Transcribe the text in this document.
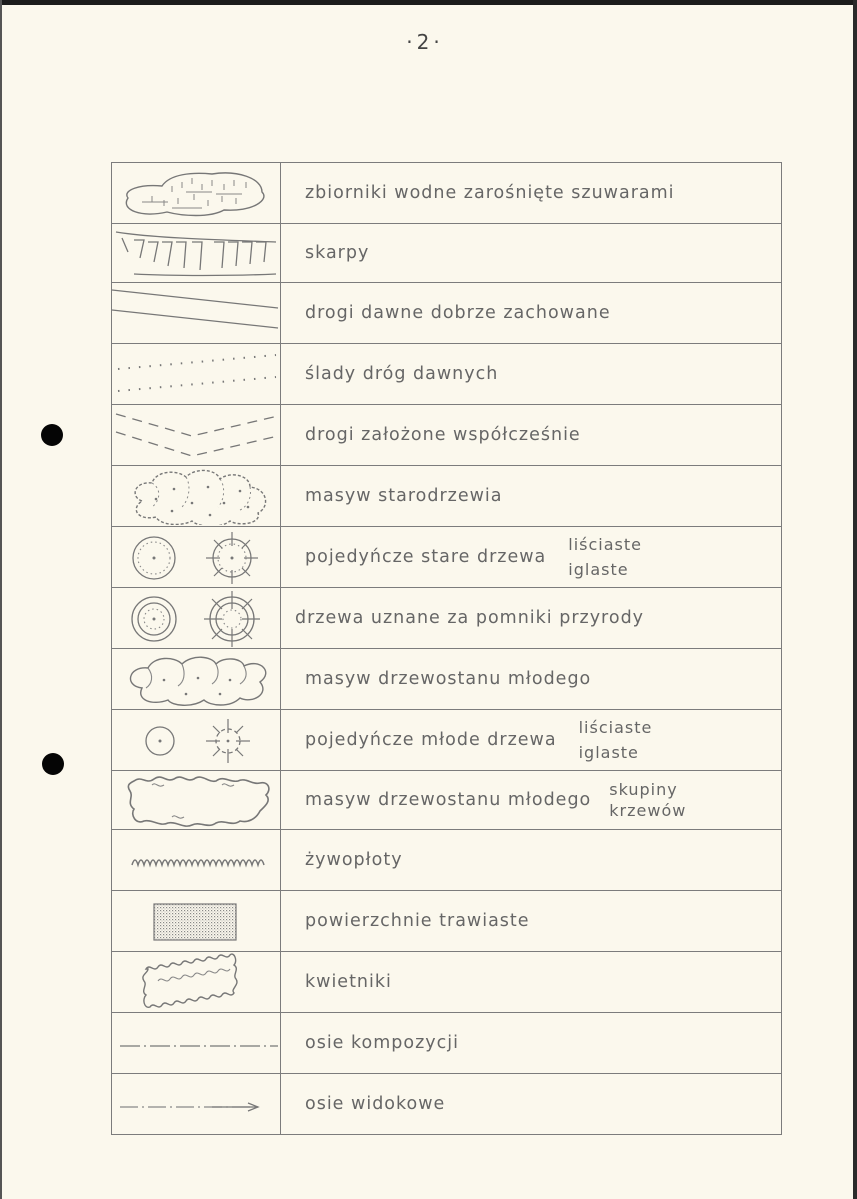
·2·
	zbiorniki wodne zarośnięte szuwarami

	skarpy

	drogi dawne dobrze zachowane

	ślady dróg dawnych

	drogi założone współcześnie

	masyw starodrzewia

pojedyńcze stare drzewa
liściaste
iglaste

	drzewa uznane za pomniki przyrody

	masyw drzewostanu młodego

pojedyńcze młode drzewa
liściaste
iglaste

masyw drzewostanu młodego
skupiny
krzewów

	żywopłoty

	powierzchnie trawiaste

	kwietniki

	osie kompozycji

	osie widokowe
